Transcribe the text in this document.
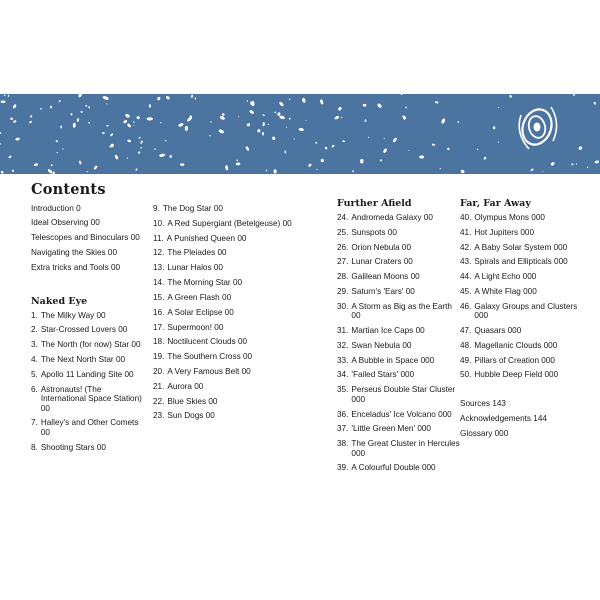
Contents
Introduction 0
Ideal Observing 00
Telescopes and Binoculars 00
Navigating the Skies 00
Extra tricks and Tools 00
Naked Eye
1. The Milky Way 00
2. Star-Crossed Lovers 00
3. The North (for now) Star 00
4. The Next North Star 00
5. Apollo 11 Landing Site 00
6. Astronauts! (The International Space Station) 00
7. Halley's and Other Comets 00
8. Shooting Stars 00
9. The Dog Star 00
10. A Red Supergiant (Betelgeuse) 00
11. A Punished Queen 00
12. The Pleiades 00
13. Lunar Halos 00
14. The Morning Star 00
15. A Green Flash 00
16. A Solar Eclipse 00
17. Supermoon! 00
18. Noctilucent Clouds 00
19. The Southern Cross 00
20. A Very Famous Belt 00
21. Aurora 00
22. Blue Skies 00
23. Sun Dogs 00
Further Afield
24. Andromeda Galaxy 00
25. Sunspots 00
26. Orion Nebula 00
27. Lunar Craters 00
28. Galilean Moons 00
29. Saturn's 'Ears' 00
30. A Storm as Big as the Earth 00
31. Martian Ice Caps 00
32. Swan Nebula 00
33. A Bubble in Space 000
34. 'Failed Stars' 000
35. Perseus Double Star Cluster 000
36. Enceladus' Ice Volcano 000
37. 'Little Green Men' 000
38. The Great Cluster in Hercules 000
39. A Colourful Double 000
Far, Far Away
40. Olympus Mons 000
41. Hot Jupiters 000
42. A Baby Solar System 000
43. Spirals and Ellipticals 000
44. A Light Echo 000
45. A White Flag 000
46. Galaxy Groups and Clusters 000
47. Quasars 000
48. Magellanic Clouds 000
49. Pillars of Creation 000
50. Hubble Deep Field 000
Sources 143
Acknowledgements 144
Glossary 000
